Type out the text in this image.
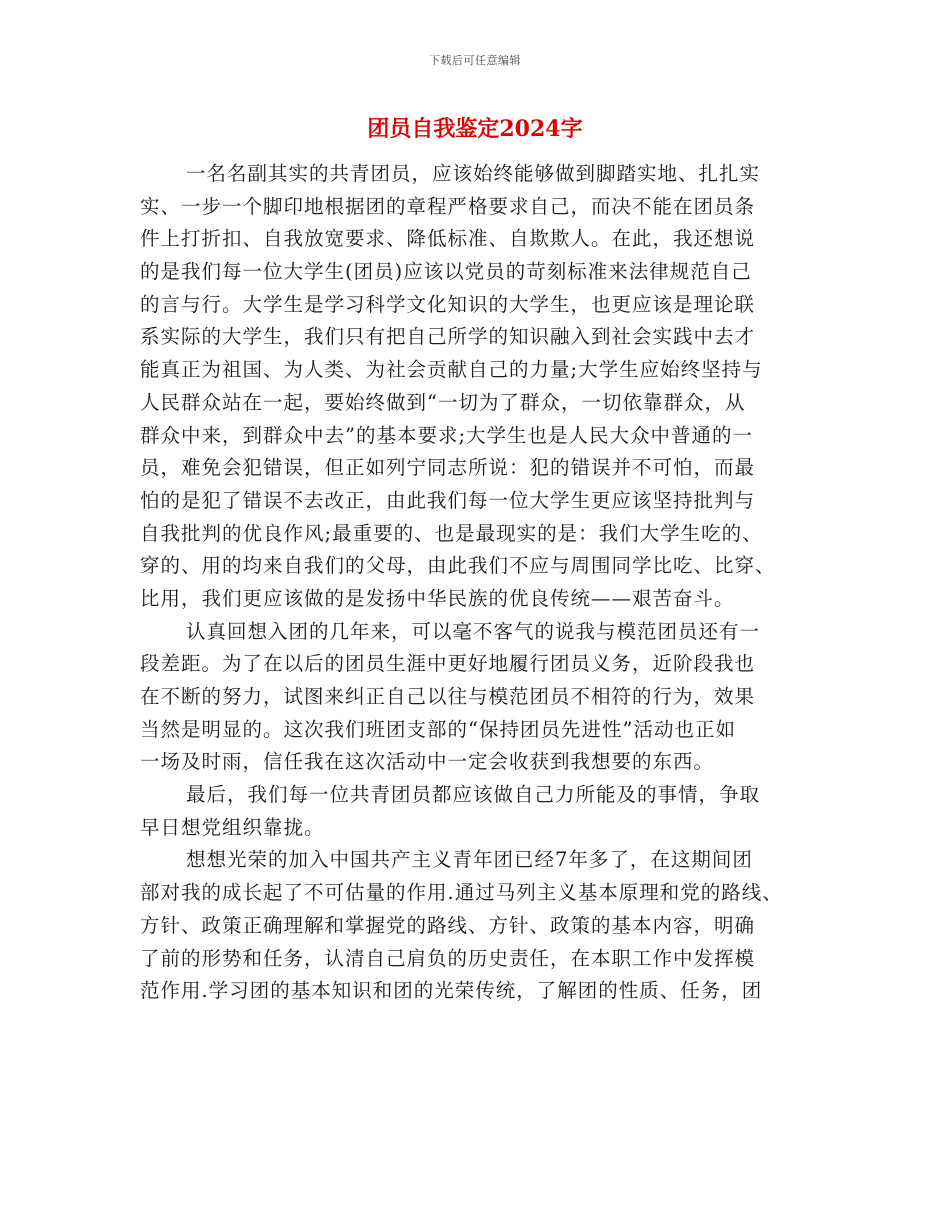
下载后可任意编辑
团员自我鉴定2024字
一名名副其实的共青团员，应该始终能够做到脚踏实地、扎扎实
实、一步一个脚印地根据团的章程严格要求自己，而决不能在团员条
件上打折扣、自我放宽要求、降低标准、自欺欺人。在此，我还想说
的是我们每一位大学生(团员)应该以党员的苛刻标准来法律规范自己
的言与行。大学生是学习科学文化知识的大学生，也更应该是理论联
系实际的大学生，我们只有把自己所学的知识融入到社会实践中去才
能真正为祖国、为人类、为社会贡献自己的力量;大学生应始终坚持与
人民群众站在一起，要始终做到“一切为了群众，一切依靠群众，从
群众中来，到群众中去”的基本要求;大学生也是人民大众中普通的一
员，难免会犯错误，但正如列宁同志所说：犯的错误并不可怕，而最
怕的是犯了错误不去改正，由此我们每一位大学生更应该坚持批判与
自我批判的优良作风;最重要的、也是最现实的是：我们大学生吃的、
穿的、用的均来自我们的父母，由此我们不应与周围同学比吃、比穿、
比用，我们更应该做的是发扬中华民族的优良传统——艰苦奋斗。
认真回想入团的几年来，可以毫不客气的说我与模范团员还有一
段差距。为了在以后的团员生涯中更好地履行团员义务，近阶段我也
在不断的努力，试图来纠正自己以往与模范团员不相符的行为，效果
当然是明显的。这次我们班团支部的“保持团员先进性”活动也正如
一场及时雨，信任我在这次活动中一定会收获到我想要的东西。
最后，我们每一位共青团员都应该做自己力所能及的事情，争取
早日想党组织靠拢。
想想光荣的加入中国共产主义青年团已经7年多了，在这期间团
部对我的成长起了不可估量的作用.通过马列主义基本原理和党的路线、
方针、政策正确理解和掌握党的路线、方针、政策的基本内容，明确
了前的形势和任务，认清自己肩负的历史责任，在本职工作中发挥模
范作用.学习团的基本知识和团的光荣传统，了解团的性质、任务，团
